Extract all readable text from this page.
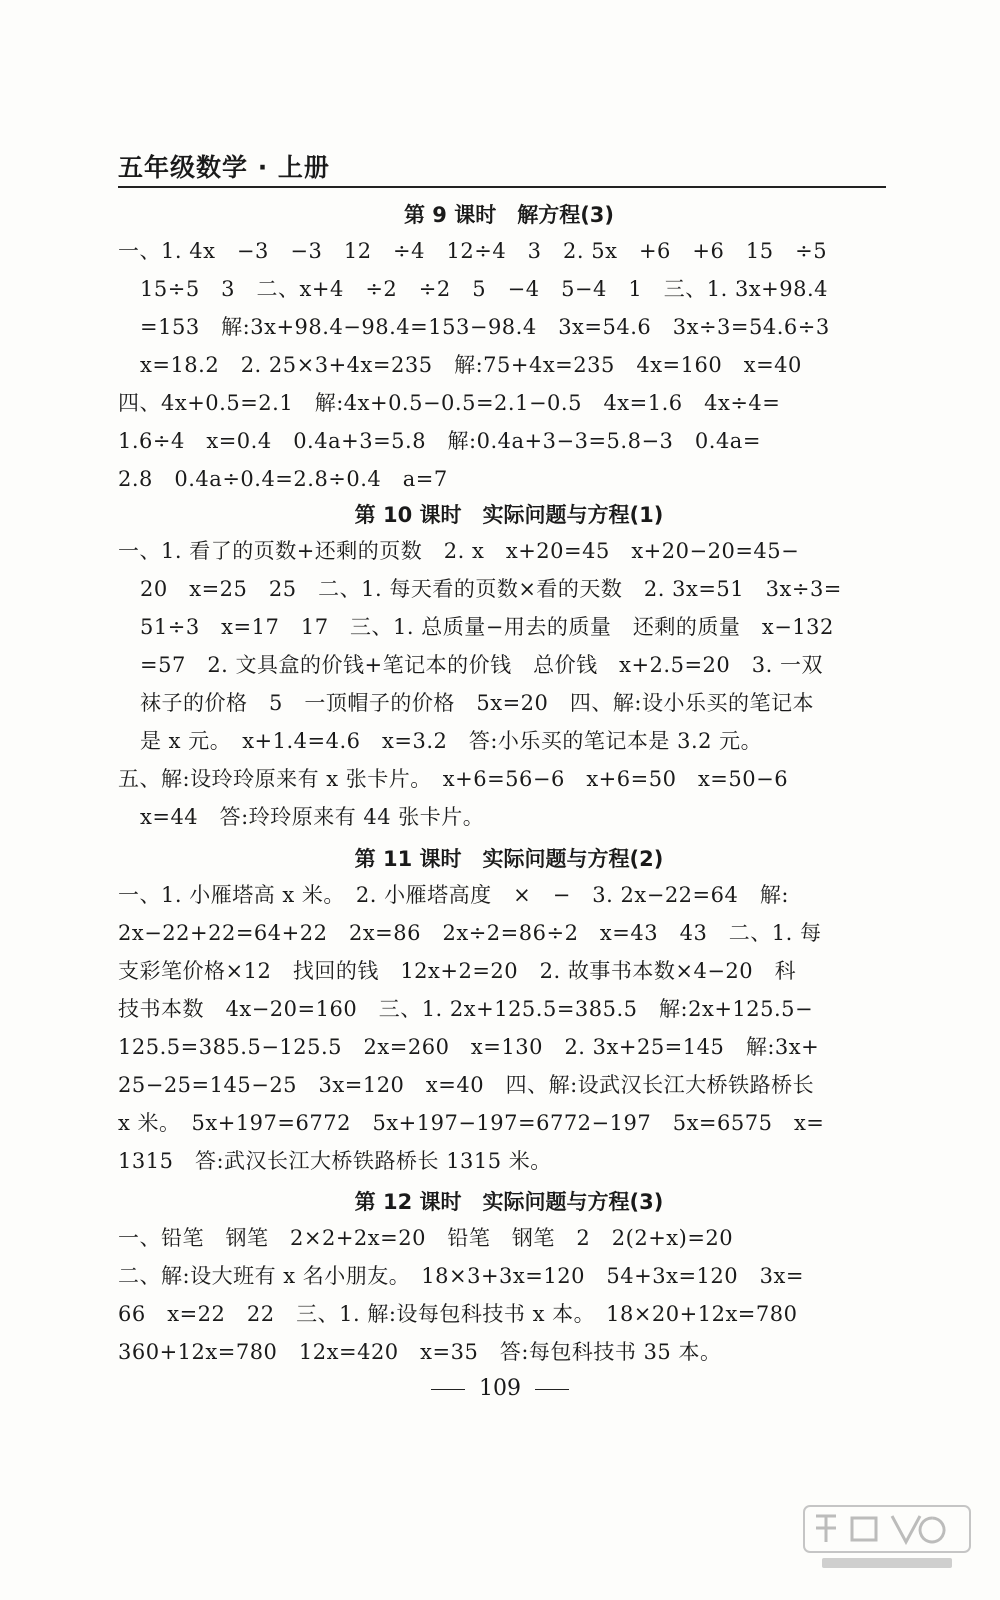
五年级数学 · 上册
第 9 课时　解方程(3)
一、1. 4x　−3　−3　12　÷4　12÷4　3　2. 5x　+6　+6　15　÷5
15÷5　3　二、x+4　÷2　÷2　5　−4　5−4　1　三、1. 3x+98.4
=153　解:3x+98.4−98.4=153−98.4　3x=54.6　3x÷3=54.6÷3
x=18.2　2. 25×3+4x=235　解:75+4x=235　4x=160　x=40
四、4x+0.5=2.1　解:4x+0.5−0.5=2.1−0.5　4x=1.6　4x÷4=
1.6÷4　x=0.4　0.4a+3=5.8　解:0.4a+3−3=5.8−3　0.4a=
2.8　0.4a÷0.4=2.8÷0.4　a=7
第 10 课时　实际问题与方程(1)
一、1. 看了的页数+还剩的页数　2. x　x+20=45　x+20−20=45−
20　x=25　25　二、1. 每天看的页数×看的天数　2. 3x=51　3x÷3=
51÷3　x=17　17　三、1. 总质量−用去的质量　还剩的质量　x−132
=57　2. 文具盒的价钱+笔记本的价钱　总价钱　x+2.5=20　3. 一双
袜子的价格　5　一顶帽子的价格　5x=20　四、解:设小乐买的笔记本
是 x 元。　x+1.4=4.6　x=3.2　答:小乐买的笔记本是 3.2 元。
五、解:设玲玲原来有 x 张卡片。　x+6=56−6　x+6=50　x=50−6
x=44　答:玲玲原来有 44 张卡片。
第 11 课时　实际问题与方程(2)
一、1. 小雁塔高 x 米。　2. 小雁塔高度　×　−　3. 2x−22=64　解:
2x−22+22=64+22　2x=86　2x÷2=86÷2　x=43　43　二、1. 每
支彩笔价格×12　找回的钱　12x+2=20　2. 故事书本数×4−20　科
技书本数　4x−20=160　三、1. 2x+125.5=385.5　解:2x+125.5−
125.5=385.5−125.5　2x=260　x=130　2. 3x+25=145　解:3x+
25−25=145−25　3x=120　x=40　四、解:设武汉长江大桥铁路桥长
x 米。　5x+197=6772　5x+197−197=6772−197　5x=6575　x=
1315　答:武汉长江大桥铁路桥长 1315 米。
第 12 课时　实际问题与方程(3)
一、铅笔　钢笔　2×2+2x=20　铅笔　钢笔　2　2(2+x)=20
二、解:设大班有 x 名小朋友。　18×3+3x=120　54+3x=120　3x=
66　x=22　22　三、1. 解:设每包科技书 x 本。　18×20+12x=780
360+12x=780　12x=420　x=35　答:每包科技书 35 本。
109
